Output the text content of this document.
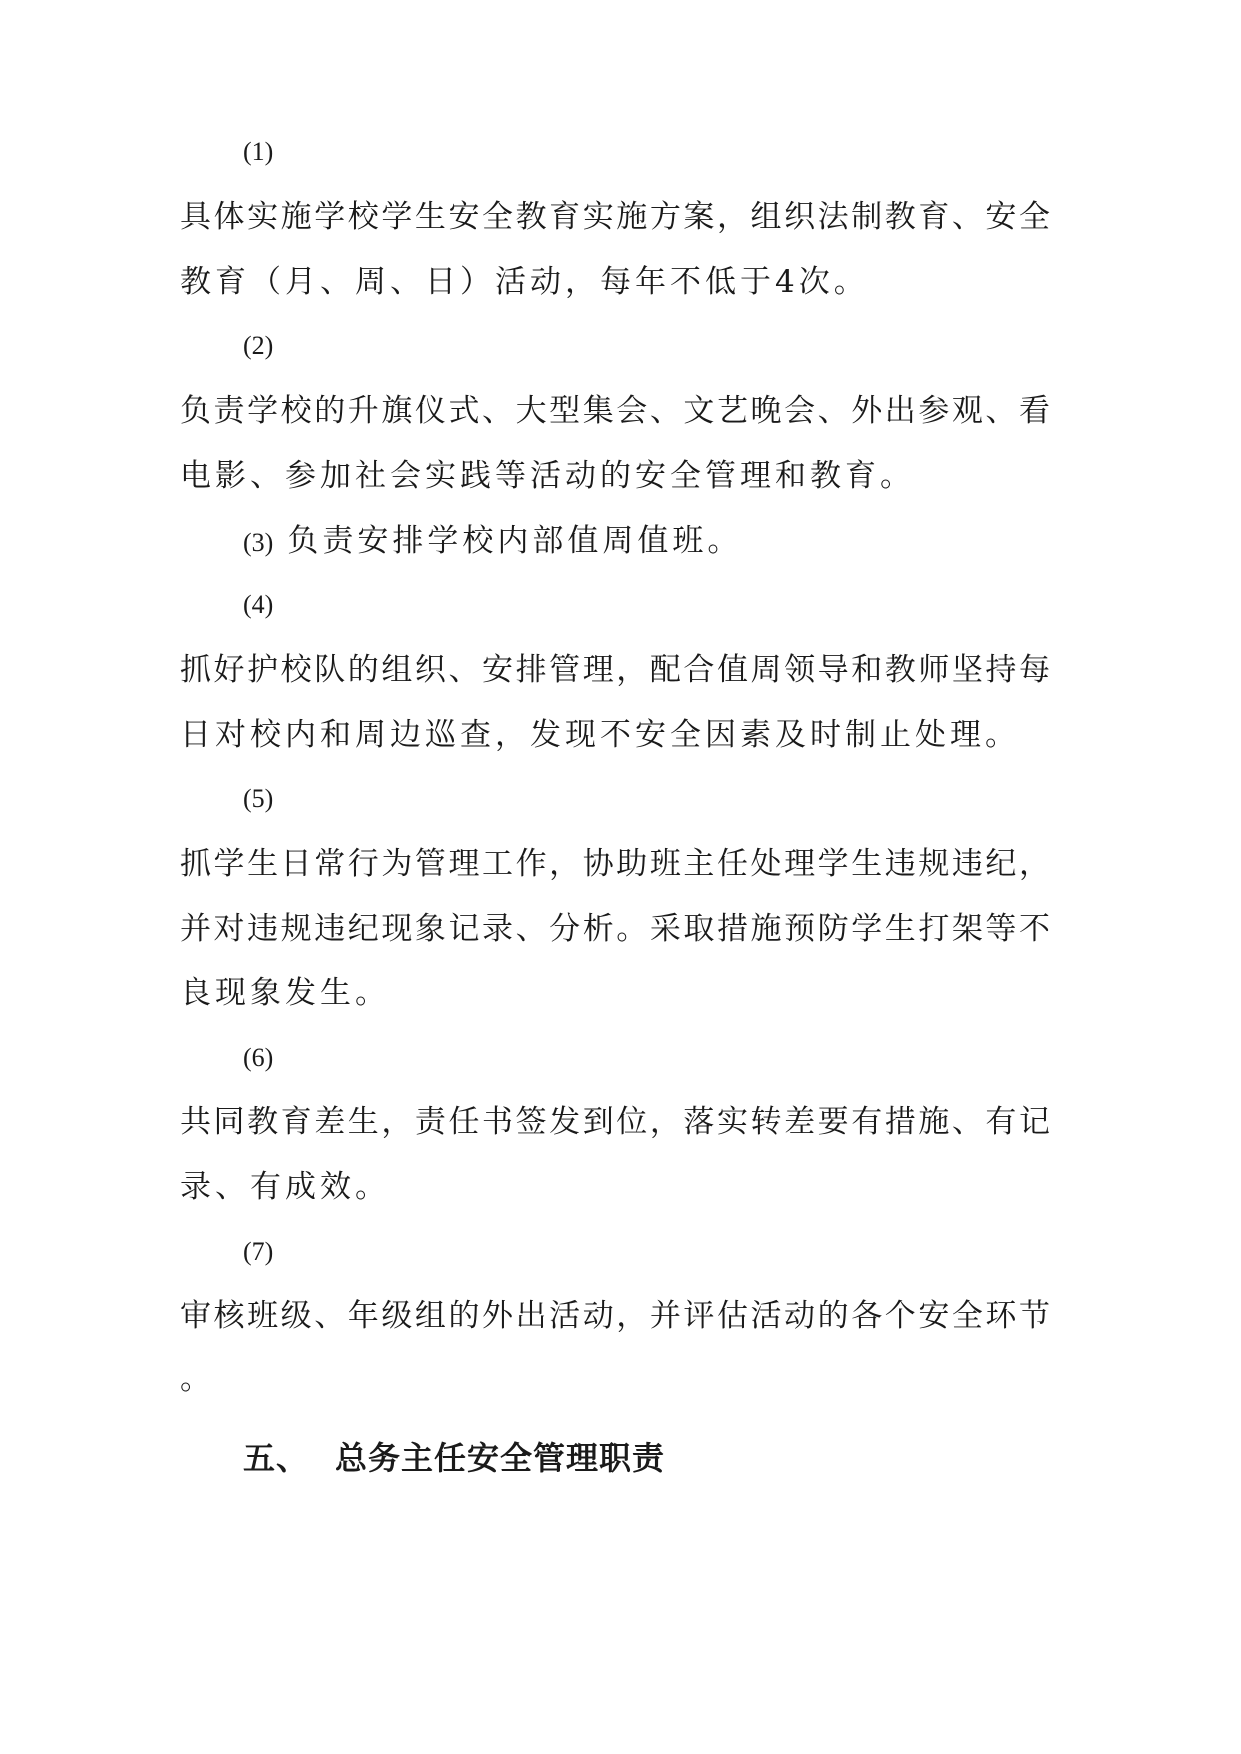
(1)
具体实施学校学生安全教育实施方案，组织法制教育、安全
教育（月、周、日）活动，每年不低于4次。
(2)
负责学校的升旗仪式、大型集会、文艺晚会、外出参观、看
电影、参加社会实践等活动的安全管理和教育。
(3) 负责安排学校内部值周值班。
(4)
抓好护校队的组织、安排管理，配合值周领导和教师坚持每
日对校内和周边巡查，发现不安全因素及时制止处理。
(5)
抓学生日常行为管理工作，协助班主任处理学生违规违纪，
并对违规违纪现象记录、分析。采取措施预防学生打架等不
良现象发生。
(6)
共同教育差生，责任书签发到位，落实转差要有措施、有记
录、有成效。
(7)
审核班级、年级组的外出活动，并评估活动的各个安全环节
。
五、 总务主任安全管理职责
